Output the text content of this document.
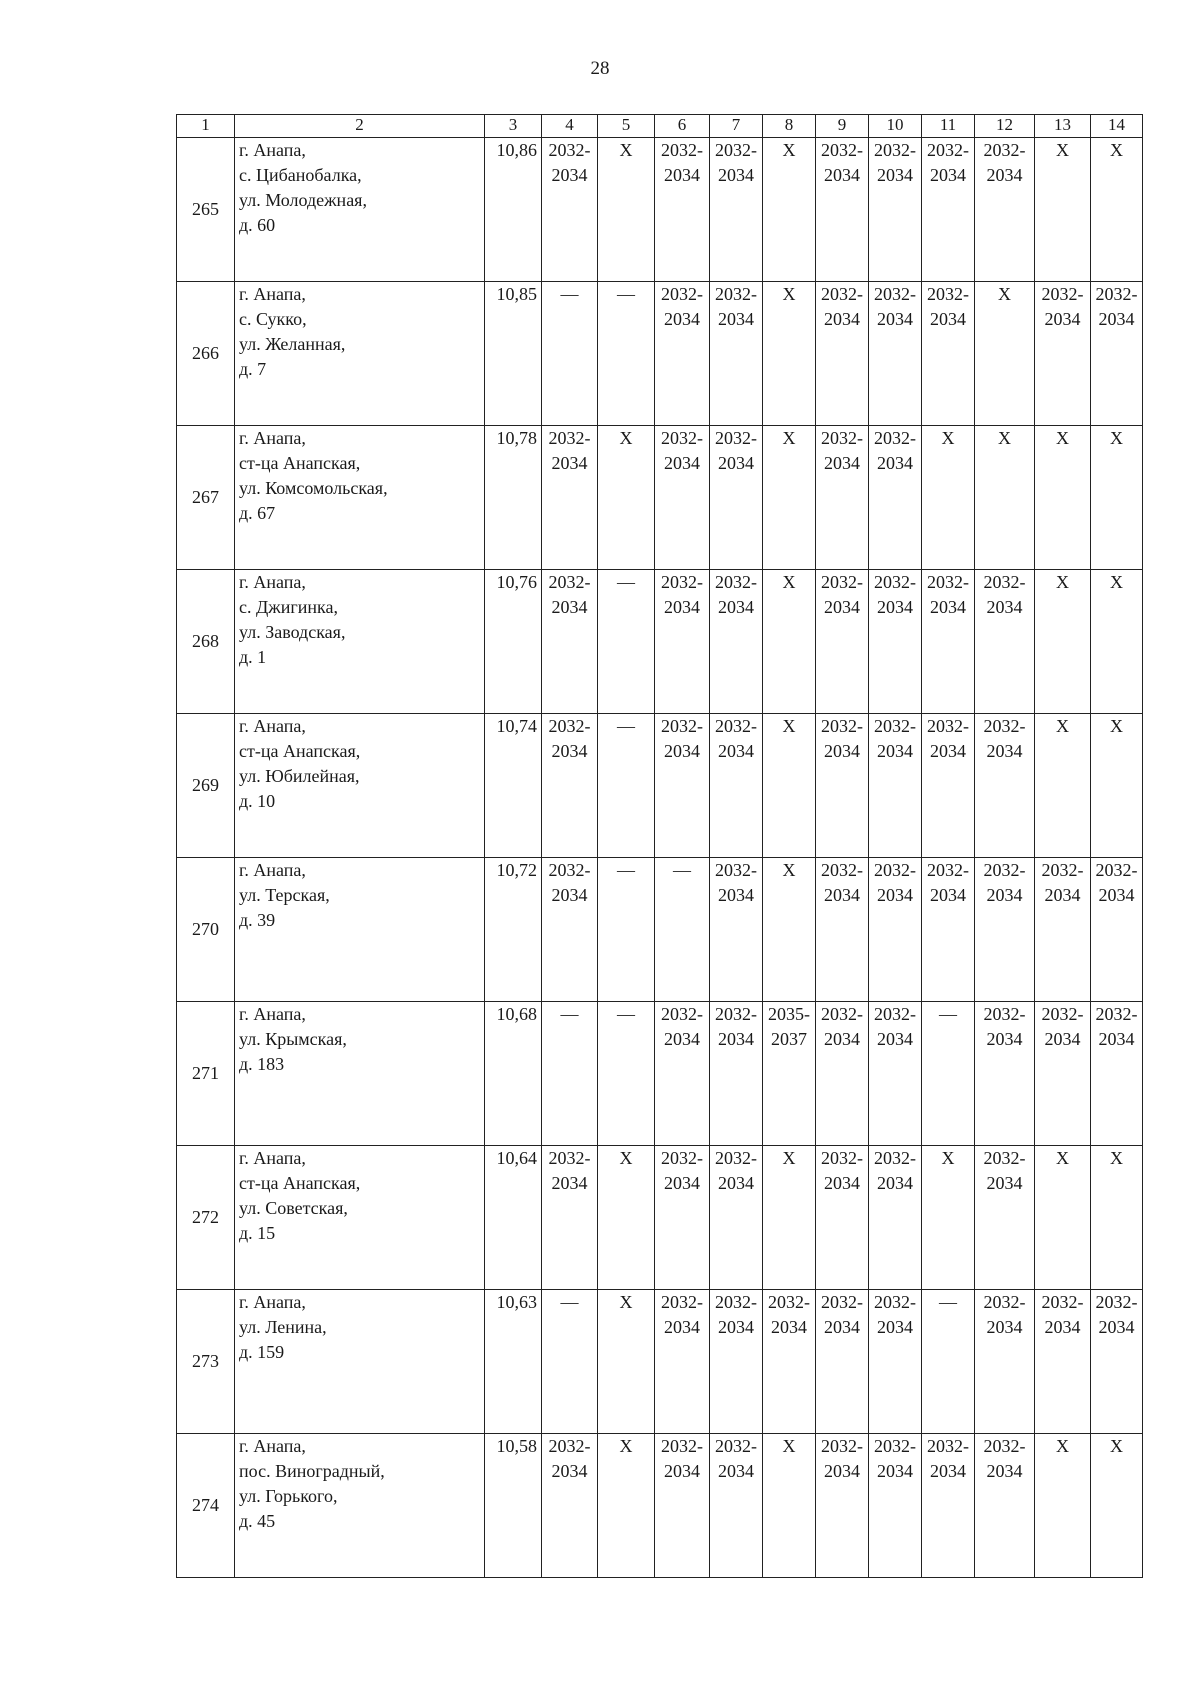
28
1	2	3	4	5	6	7	8	9	10	11	12	13	14
265	г. Анапа,
с. Цибанобалка,
ул. Молодежная,
д. 60	10,86	2032-
2034	X	2032-
2034	2032-
2034	X	2032-
2034	2032-
2034	2032-
2034	2032-
2034	X	X
266	г. Анапа,
с. Сукко,
ул. Желанная,
д. 7	10,85	—	—	2032-
2034	2032-
2034	X	2032-
2034	2032-
2034	2032-
2034	X	2032-
2034	2032-
2034
267	г. Анапа,
ст-ца Анапская,
ул. Комсомольская,
д. 67	10,78	2032-
2034	X	2032-
2034	2032-
2034	X	2032-
2034	2032-
2034	X	X	X	X
268	г. Анапа,
с. Джигинка,
ул. Заводская,
д. 1	10,76	2032-
2034	—	2032-
2034	2032-
2034	X	2032-
2034	2032-
2034	2032-
2034	2032-
2034	X	X
269	г. Анапа,
ст-ца Анапская,
ул. Юбилейная,
д. 10	10,74	2032-
2034	—	2032-
2034	2032-
2034	X	2032-
2034	2032-
2034	2032-
2034	2032-
2034	X	X
270	г. Анапа,
ул. Терская,
д. 39	10,72	2032-
2034	—	—	2032-
2034	X	2032-
2034	2032-
2034	2032-
2034	2032-
2034	2032-
2034	2032-
2034
271	г. Анапа,
ул. Крымская,
д. 183	10,68	—	—	2032-
2034	2032-
2034	2035-
2037	2032-
2034	2032-
2034	—	2032-
2034	2032-
2034	2032-
2034
272	г. Анапа,
ст-ца Анапская,
ул. Советская,
д. 15	10,64	2032-
2034	X	2032-
2034	2032-
2034	X	2032-
2034	2032-
2034	X	2032-
2034	X	X
273	г. Анапа,
ул. Ленина,
д. 159	10,63	—	X	2032-
2034	2032-
2034	2032-
2034	2032-
2034	2032-
2034	—	2032-
2034	2032-
2034	2032-
2034
274	г. Анапа,
пос. Виноградный,
ул. Горького,
д. 45	10,58	2032-
2034	X	2032-
2034	2032-
2034	X	2032-
2034	2032-
2034	2032-
2034	2032-
2034	X	X
